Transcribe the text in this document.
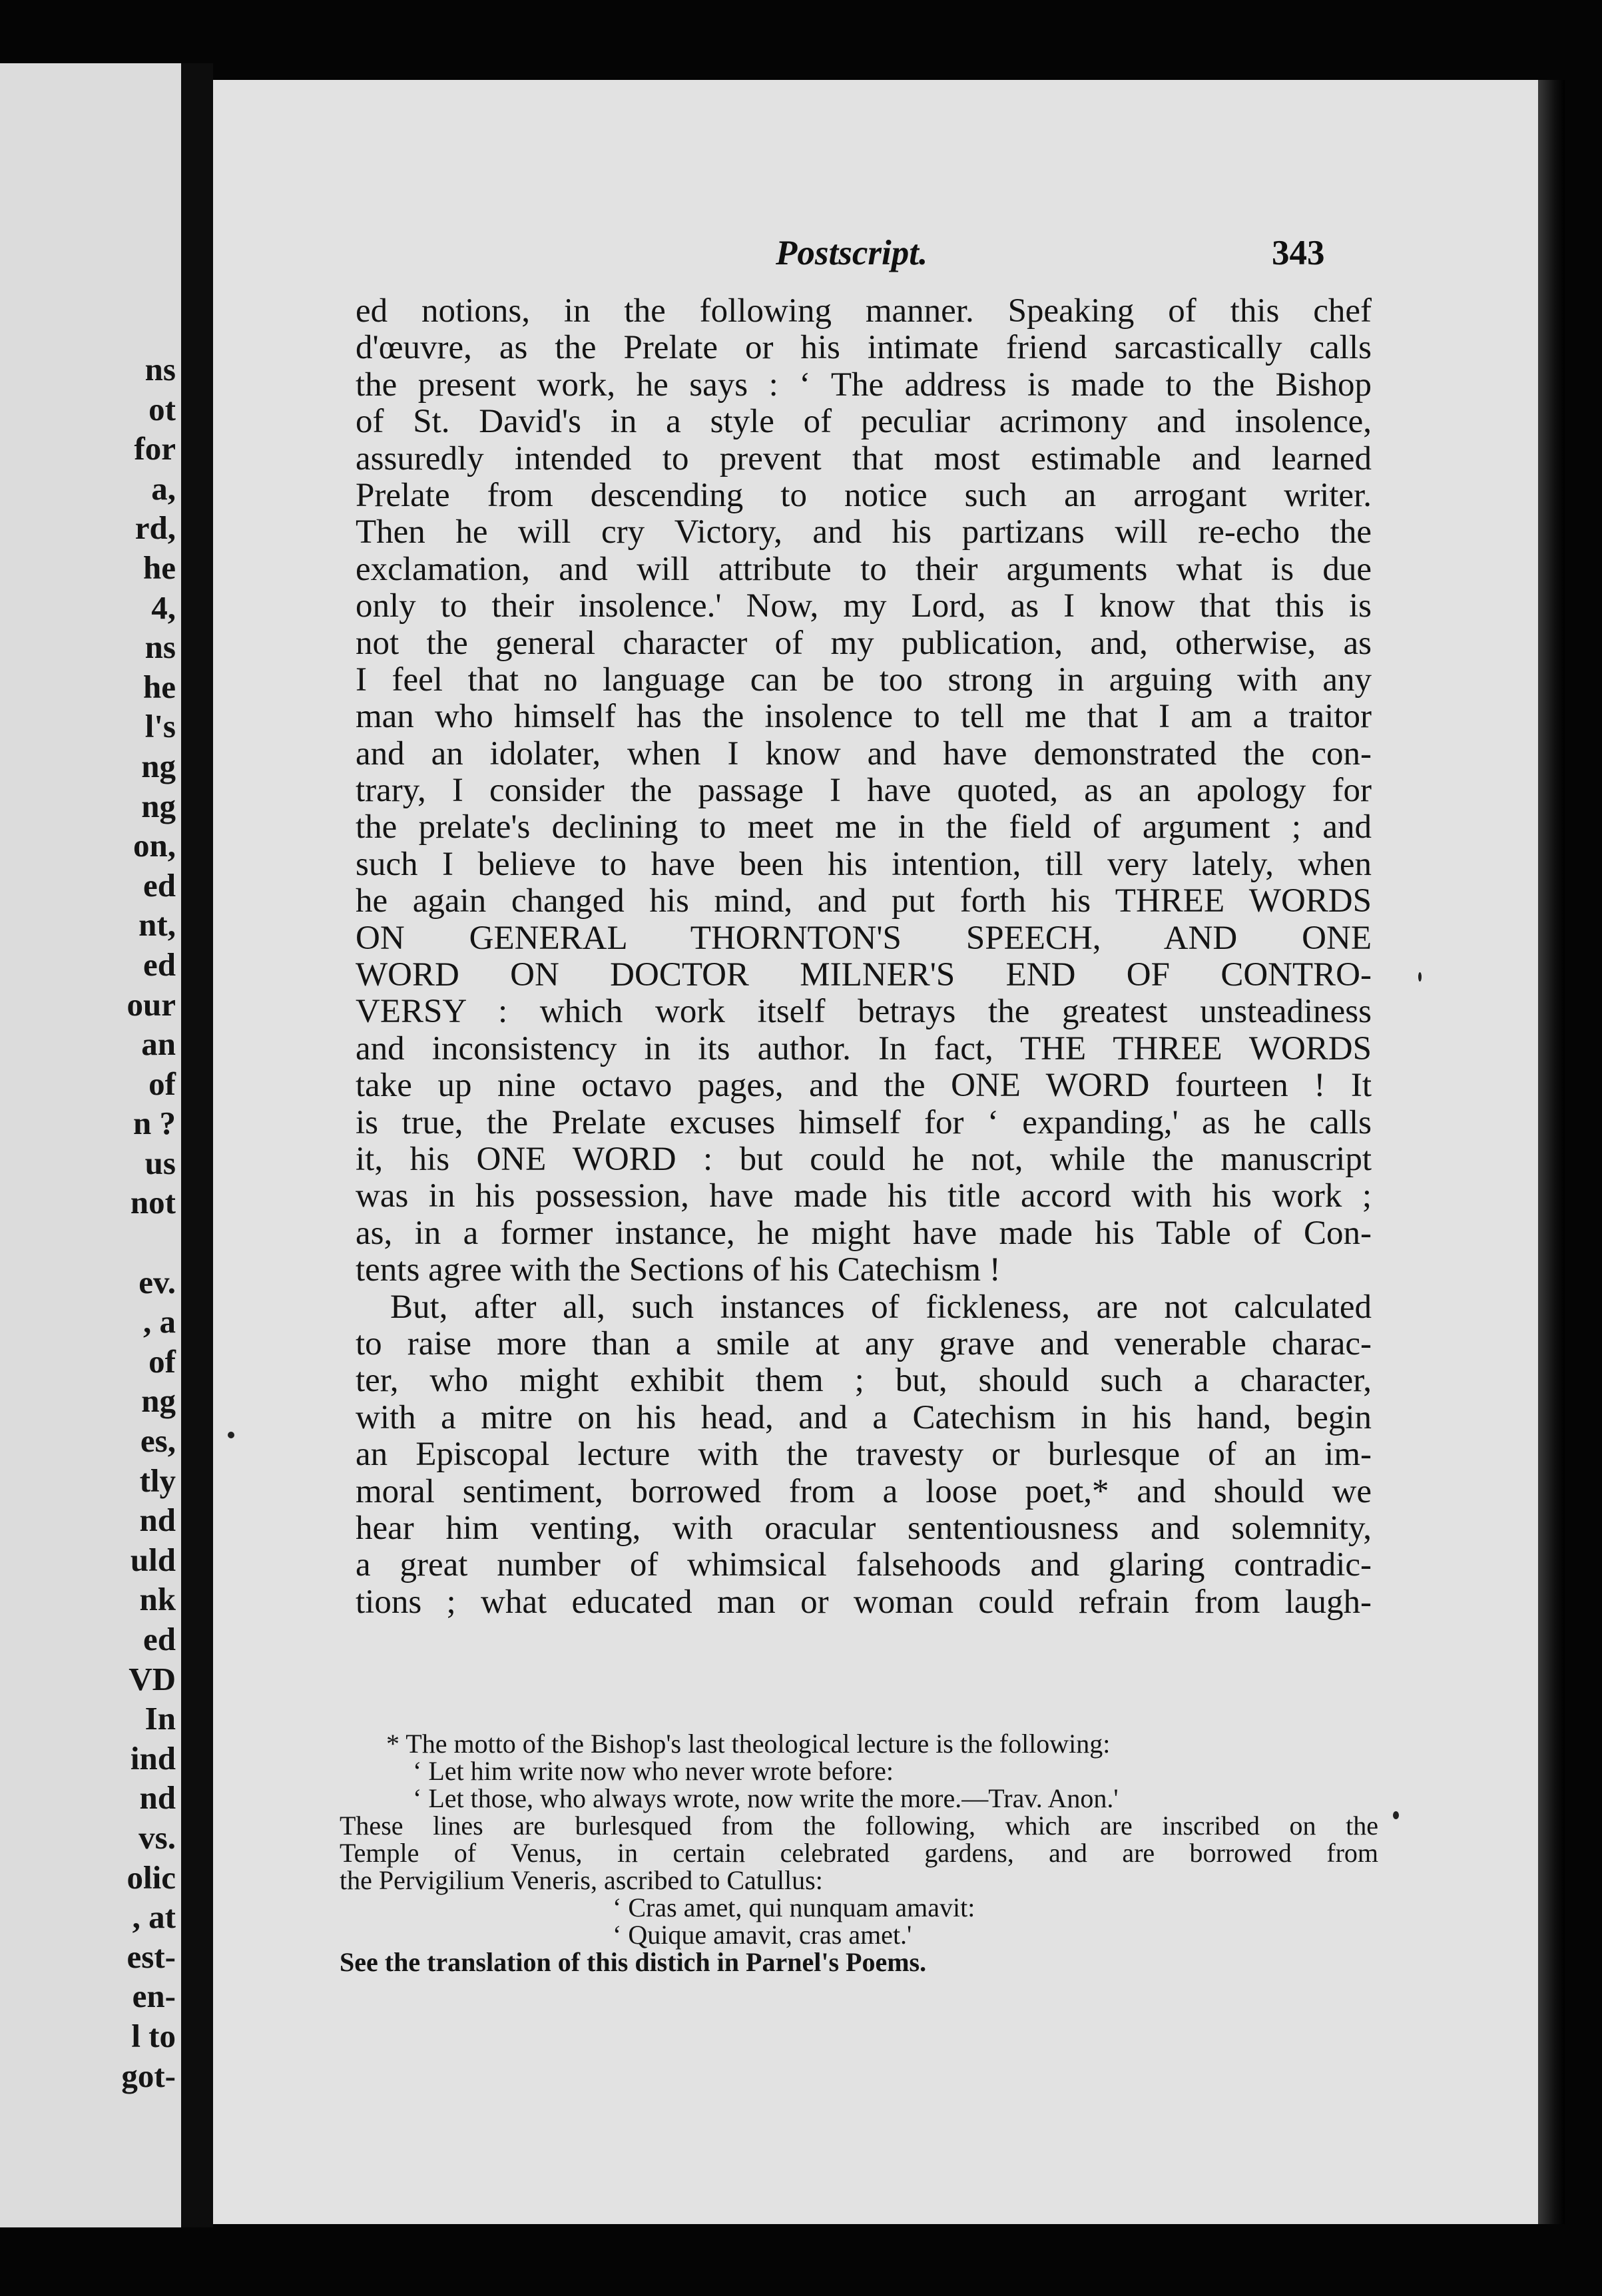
ns
ot
for
a,
rd,
he
4,
ns
he
l's
ng
ng
on,
ed
nt,
ed
our
an
of
n ?
us
not
ev.
, a
of
ng
es,
tly
nd
uld
nk
ed
VD
In
ind
nd
vs.
olic
, at
est-
en-
l to
got-
Postscript.	343
ed notions, in the following manner. Speaking of this chef
d'œuvre, as the Prelate or his intimate friend sarcastically calls
the present work, he says : ‘ The address is made to the Bishop
of St. David's in a style of peculiar acrimony and insolence,
assuredly intended to prevent that most estimable and learned
Prelate from descending to notice such an arrogant writer.
Then he will cry Victory, and his partizans will re-echo the
exclamation, and will attribute to their arguments what is due
only to their insolence.' Now, my Lord, as I know that this is
not the general character of my publication, and, otherwise, as
I feel that no language can be too strong in arguing with any
man who himself has the insolence to tell me that I am a traitor
and an idolater, when I know and have demonstrated the con-
trary, I consider the passage I have quoted, as an apology for
the prelate's declining to meet me in the field of argument ; and
such I believe to have been his intention, till very lately, when
he again changed his mind, and put forth his THREE WORDS
ON GENERAL THORNTON'S SPEECH, AND ONE
WORD ON DOCTOR MILNER'S END OF CONTRO-
VERSY : which work itself betrays the greatest unsteadiness
and inconsistency in its author. In fact, THE THREE WORDS
take up nine octavo pages, and the ONE WORD fourteen ! It
is true, the Prelate excuses himself for ‘ expanding,' as he calls
it, his ONE WORD : but could he not, while the manuscript
was in his possession, have made his title accord with his work ;
as, in a former instance, he might have made his Table of Con-
tents agree with the Sections of his Catechism !
But, after all, such instances of fickleness, are not calculated
to raise more than a smile at any grave and venerable charac-
ter, who might exhibit them ; but, should such a character,
with a mitre on his head, and a Catechism in his hand, begin
an Episcopal lecture with the travesty or burlesque of an im-
moral sentiment, borrowed from a loose poet,* and should we
hear him venting, with oracular sententiousness and solemnity,
a great number of whimsical falsehoods and glaring contradic-
tions ; what educated man or woman could refrain from laugh-
* The motto of the Bishop's last theological lecture is the following:
‘ Let him write now who never wrote before:
‘ Let those, who always wrote, now write the more.—Trav. Anon.'
These lines are burlesqued from the following, which are inscribed on the
Temple of Venus, in certain celebrated gardens, and are borrowed from
the Pervigilium Veneris, ascribed to Catullus:
‘ Cras amet, qui nunquam amavit:
‘ Quique amavit, cras amet.'
See the translation of this distich in Parnel's Poems.
